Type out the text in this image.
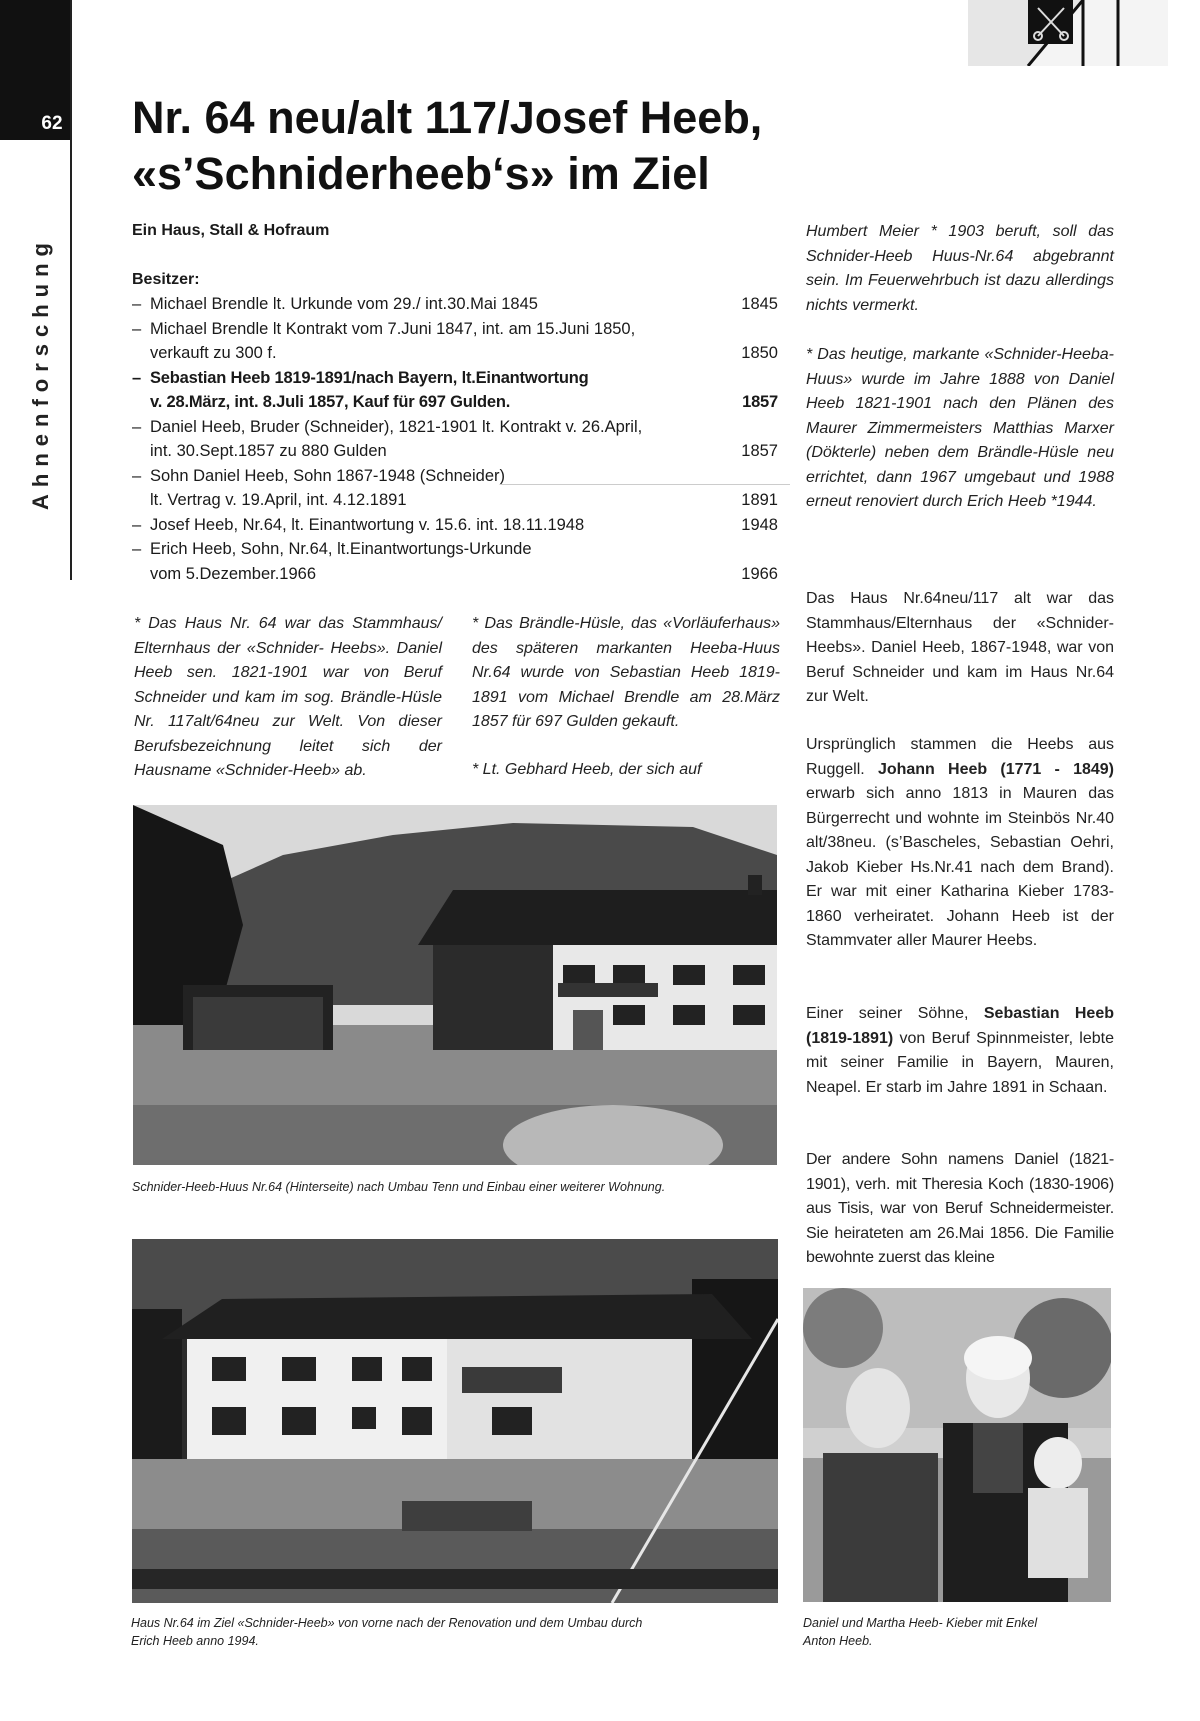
62
Ahnenforschung
Nr. 64 neu/alt 117/Josef Heeb,
«s’Schniderheeb‘s» im Ziel
Ein Haus, Stall & Hofraum
Besitzer:
– Michael Brendle lt. Urkunde vom 29./ int.30.Mai 1845	1845
– Michael Brendle lt Kontrakt vom 7.Juni 1847, int. am 15.Juni 1850,
verkauft zu 300 f.	1850
– Sebastian Heeb 1819-1891/nach Bayern, lt.Einantwortung
v. 28.März, int. 8.Juli 1857, Kauf für 697 Gulden.	1857
– Daniel Heeb, Bruder (Schneider), 1821-1901 lt. Kontrakt v. 26.April,
int. 30.Sept.1857 zu 880 Gulden	1857
– Sohn Daniel Heeb, Sohn 1867-1948 (Schneider)
lt. Vertrag v. 19.April, int. 4.12.1891	1891
– Josef Heeb, Nr.64, lt. Einantwortung v. 15.6. int. 18.11.1948	1948
– Erich Heeb, Sohn, Nr.64, lt.Einantwortungs-Urkunde
vom 5.Dezember.1966	1966

* Das Haus Nr. 64 war das Stammhaus/ Elternhaus der «Schnider- Heebs». Daniel Heeb sen. 1821-1901 war von Beruf Schneider und kam im sog. Brändle-Hüsle Nr. 117alt/64neu zur Welt. Von dieser Berufsbezeichnung leitet sich der Hausname «Schnider-Heeb» ab.

* Das Brändle-Hüsle, das «Vorläuferhaus» des späteren markanten Heeba-Huus Nr.64 wurde von Sebastian Heeb 1819-1891 vom Michael Brendle am 28.März 1857 für 697 Gulden gekauft.

* Lt. Gebhard Heeb, der sich auf

Schnider-Heeb-Huus Nr.64 (Hinterseite) nach Umbau Tenn und Einbau einer weiterer Wohnung.

Haus Nr.64 im Ziel «Schnider-Heeb» von vorne nach der Renovation und dem Umbau durch
Erich Heeb anno 1994.

Humbert Meier * 1903 beruft, soll das Schnider-Heeb Huus-Nr.64 abgebrannt sein. Im Feuerwehrbuch ist dazu allerdings nichts vermerkt.

* Das heutige, markante «Schnider-Heeba- Huus» wurde im Jahre 1888 von Daniel Heeb 1821-1901 nach den Plänen des Maurer Zimmermeisters Matthias Marxer (Dökterle) neben dem Brändle-Hüsle neu errichtet, dann 1967 umgebaut und 1988 erneut renoviert durch Erich Heeb *1944.

Das Haus Nr.64neu/117 alt war das Stammhaus/Elternhaus der «Schnider-Heebs». Daniel Heeb, 1867-1948, war von Beruf Schneider und kam im Haus Nr.64 zur Welt.

Ursprünglich stammen die Heebs aus Ruggell. Johann Heeb (1771 - 1849) erwarb sich anno 1813 in Mauren das Bürgerrecht und wohnte im Steinbös Nr.40 alt/38neu. (s’Bascheles, Sebastian Oehri, Jakob Kieber Hs.Nr.41 nach dem Brand). Er war mit einer Katharina Kieber 1783-1860 verheiratet. Johann Heeb ist der Stammvater aller Maurer Heebs.

Einer seiner Söhne, Sebastian Heeb (1819-1891) von Beruf Spinnmeister, lebte mit seiner Familie in Bayern, Mauren, Neapel. Er starb im Jahre 1891 in Schaan.

Der andere Sohn namens Daniel (1821-1901), verh. mit Theresia Koch (1830-1906) aus Tisis, war von Beruf Schneidermeister. Sie heirateten am 26.Mai 1856. Die Familie bewohnte zuerst das kleine

Daniel und Martha Heeb- Kieber mit Enkel
Anton Heeb.
